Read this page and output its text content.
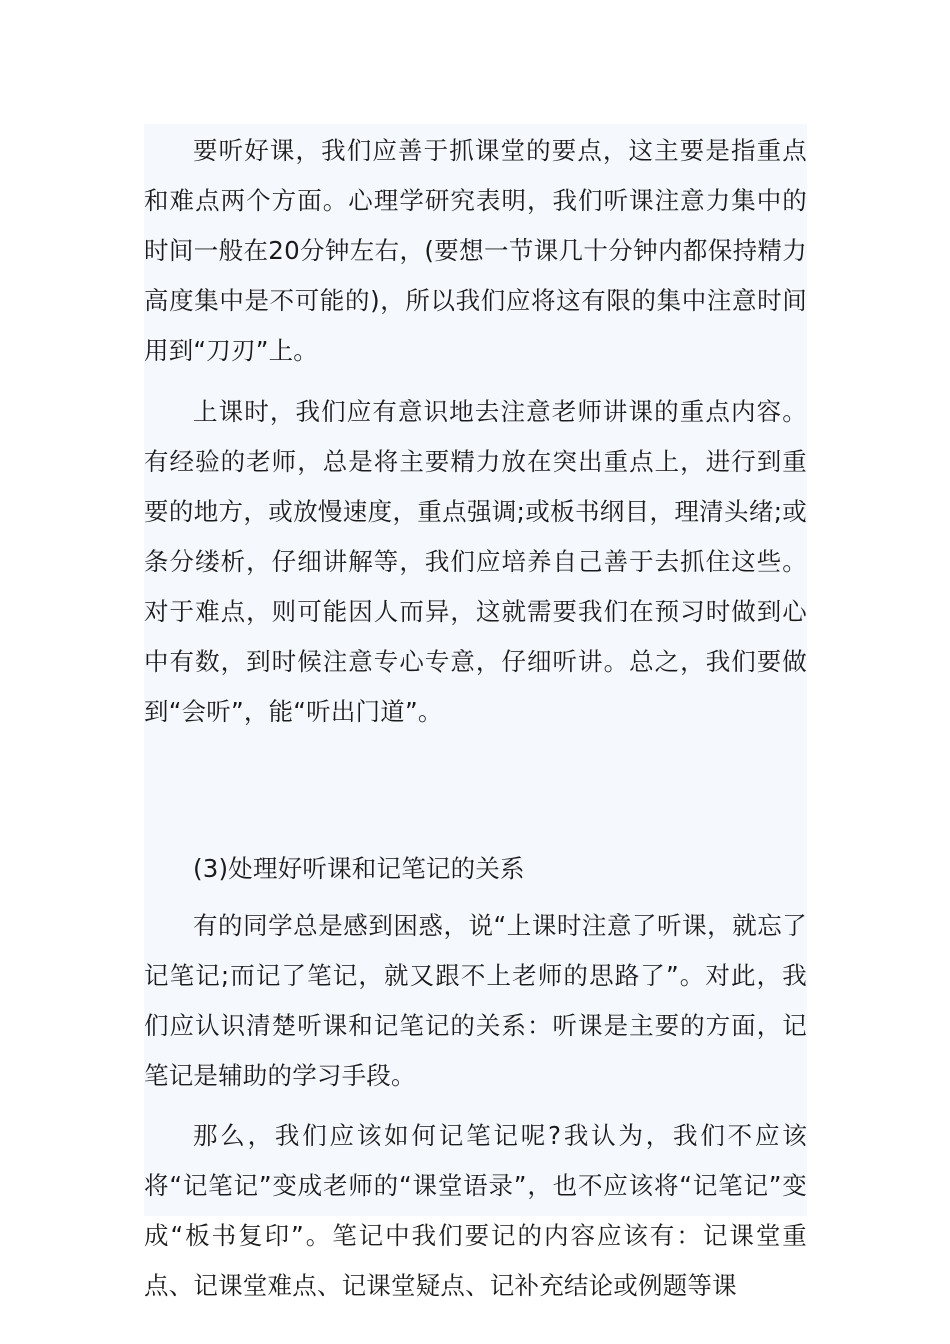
要听好课，我们应善于抓课堂的要点，这主要是指重点和难点两个方面。心理学研究表明，我们听课注意力集中的时间一般在20分钟左右，(要想一节课几十分钟内都保持精力高度集中是不可能的)，所以我们应将这有限的集中注意时间用到“刀刃”上。

上课时，我们应有意识地去注意老师讲课的重点内容。有经验的老师，总是将主要精力放在突出重点上，进行到重要的地方，或放慢速度，重点强调;或板书纲目，理清头绪;或条分缕析，仔细讲解等，我们应培养自己善于去抓住这些。对于难点，则可能因人而异，这就需要我们在预习时做到心中有数，到时候注意专心专意，仔细听讲。总之，我们要做到“会听”，能“听出门道”。

(3)处理好听课和记笔记的关系

有的同学总是感到困惑，说“上课时注意了听课，就忘了记笔记;而记了笔记，就又跟不上老师的思路了”。对此，我们应认识清楚听课和记笔记的关系：听课是主要的方面，记笔记是辅助的学习手段。

那么，我们应该如何记笔记呢?我认为，我们不应该将“记笔记”变成老师的“课堂语录”，也不应该将“记笔记”变成“板书复印”。笔记中我们要记的内容应该有：记课堂重点、记课堂难点、记课堂疑点、记补充结论或例题等课
